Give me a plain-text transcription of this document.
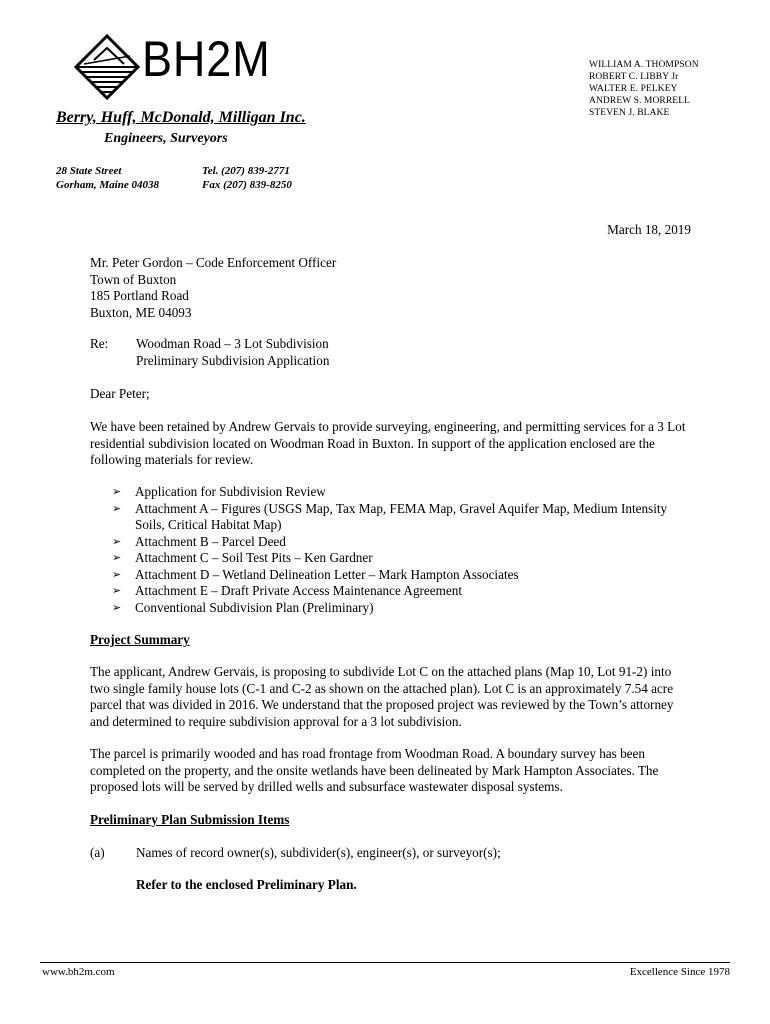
BH2M
Berry, Huff, McDonald, Milligan Inc.
Engineers, Surveyors
28 State Street	Tel. (207) 839-2771
Gorham, Maine 04038	Fax (207) 839-8250
WILLIAM A. THOMPSON
ROBERT C. LIBBY Jr
WALTER E. PELKEY
ANDREW S. MORRELL
STEVEN J. BLAKE
March 18, 2019
Mr. Peter Gordon – Code Enforcement Officer
Town of Buxton
185 Portland Road
Buxton, ME 04093
Re: Woodman Road – 3 Lot Subdivision
Preliminary Subdivision Application
Dear Peter;

We have been retained by Andrew Gervais to provide surveying, engineering, and permitting services for a 3 Lot residential subdivision located on Woodman Road in Buxton. In support of the application enclosed are the following materials for review.

➢ Application for Subdivision Review
➢ Attachment A – Figures (USGS Map, Tax Map, FEMA Map, Gravel Aquifer Map, Medium Intensity Soils, Critical Habitat Map)
➢ Attachment B – Parcel Deed
➢ Attachment C – Soil Test Pits – Ken Gardner
➢ Attachment D – Wetland Delineation Letter – Mark Hampton Associates
➢ Attachment E – Draft Private Access Maintenance Agreement
➢ Conventional Subdivision Plan (Preliminary)
Project Summary

The applicant, Andrew Gervais, is proposing to subdivide Lot C on the attached plans (Map 10, Lot 91-2) into two single family house lots (C-1 and C-2 as shown on the attached plan). Lot C is an approximately 7.54 acre parcel that was divided in 2016. We understand that the proposed project was reviewed by the Town’s attorney and determined to require subdivision approval for a 3 lot subdivision.

The parcel is primarily wooded and has road frontage from Woodman Road. A boundary survey has been completed on the property, and the onsite wetlands have been delineated by Mark Hampton Associates. The proposed lots will be served by drilled wells and subsurface wastewater disposal systems.

Preliminary Plan Submission Items
(a) Names of record owner(s), subdivider(s), engineer(s), or surveyor(s);
Refer to the enclosed Preliminary Plan.
www.bh2m.com	Excellence Since 1978
